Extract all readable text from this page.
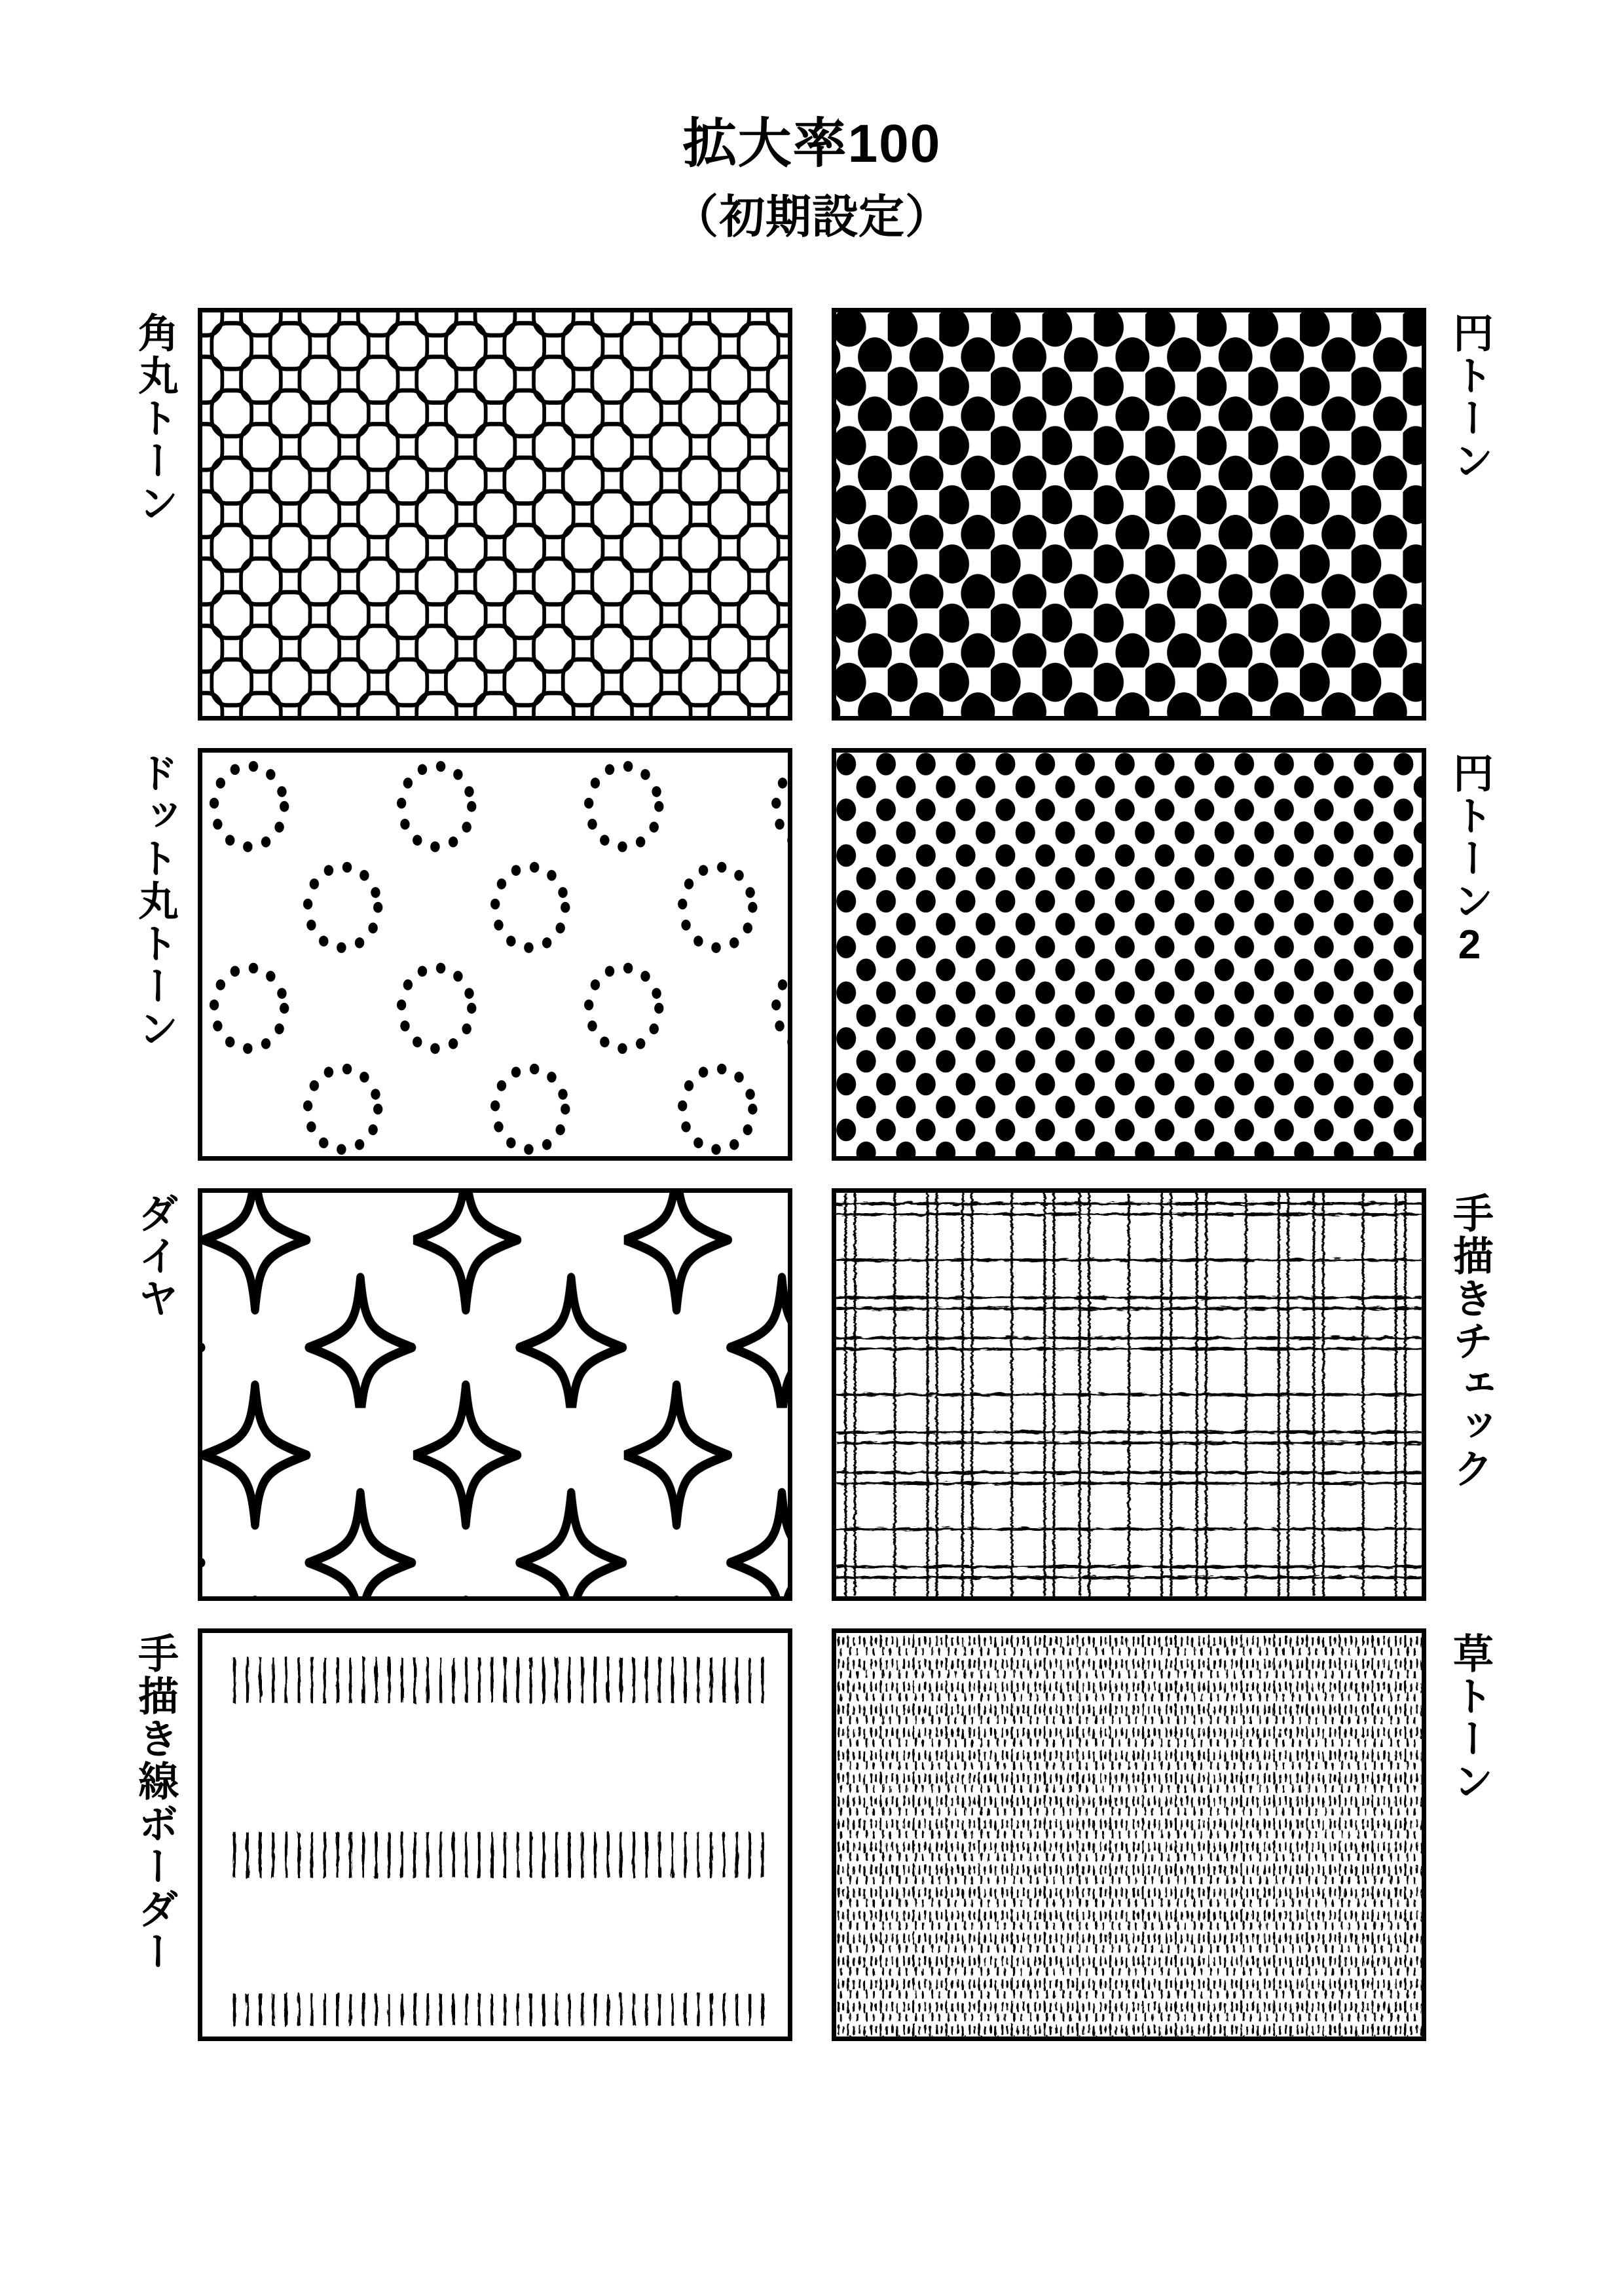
拡大率100
（初期設定）
角丸トーン	円トーン
ドット丸トーン	円トーン2
ダイヤ	手描きチェック
手描き線ボーダー	草トーン
